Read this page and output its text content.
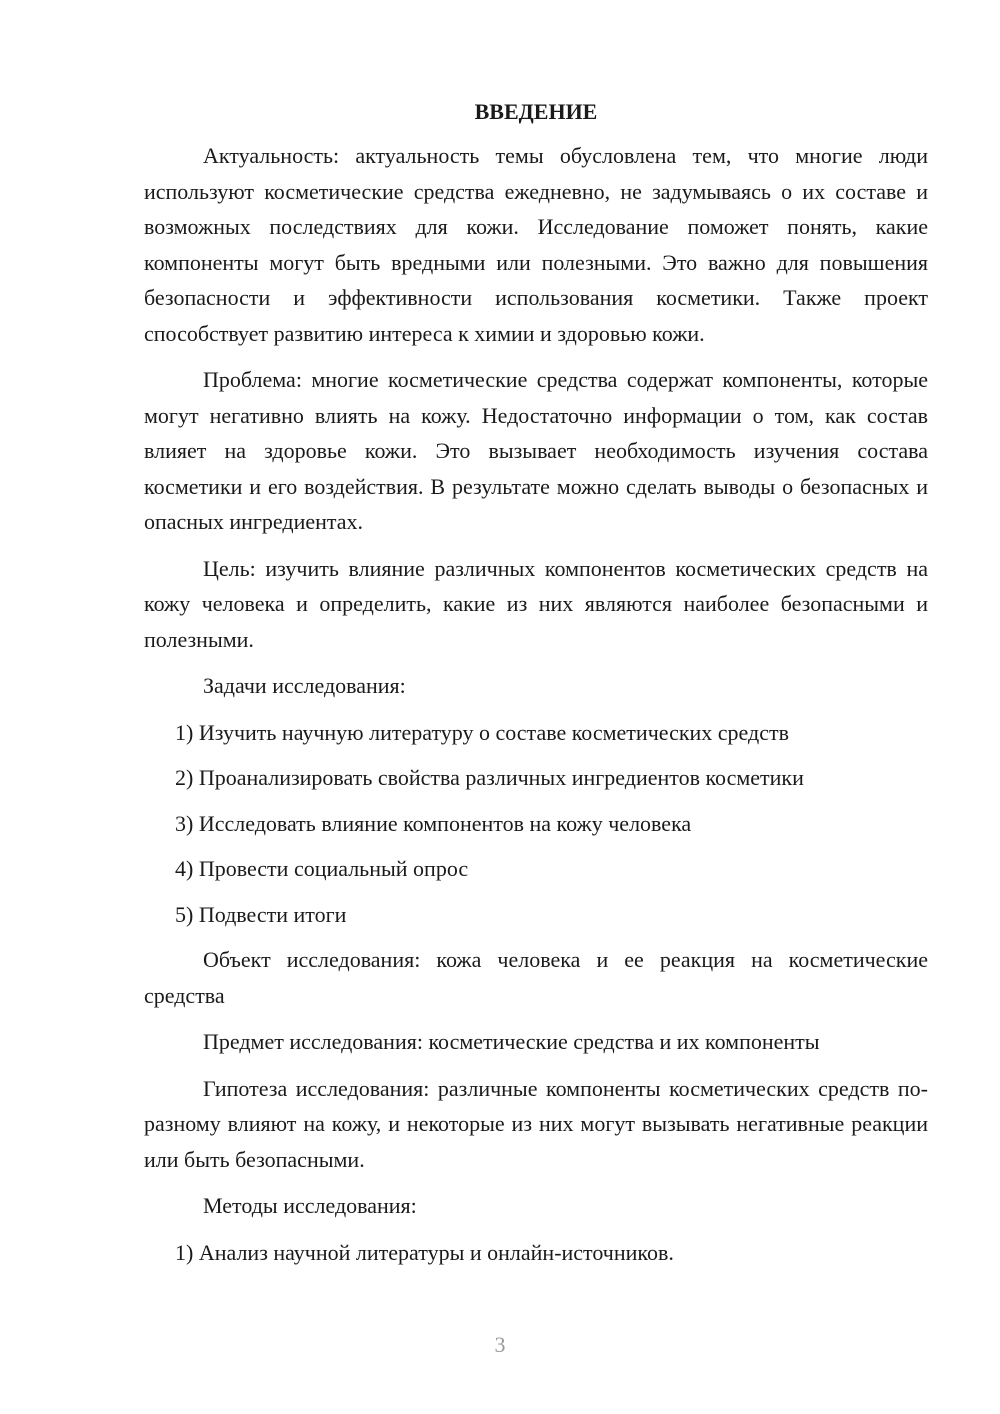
ВВЕДЕНИЕ

Актуальность: актуальность темы обусловлена тем, что многие люди используют косметические средства ежедневно, не задумываясь о их составе и возможных последствиях для кожи. Исследование поможет понять, какие компоненты могут быть вредными или полезными. Это важно для повышения безопасности и эффективности использования косметики. Также проект способствует развитию интереса к химии и здоровью кожи.

Проблема: многие косметические средства содержат компоненты, которые могут негативно влиять на кожу. Недостаточно информации о том, как состав влияет на здоровье кожи. Это вызывает необходимость изучения состава косметики и его воздействия. В результате можно сделать выводы о безопасных и опасных ингредиентах.

Цель: изучить влияние различных компонентов косметических средств на кожу человека и определить, какие из них являются наиболее безопасными и полезными.

Задачи исследования:

1) Изучить научную литературу о составе косметических средств
2) Проанализировать свойства различных ингредиентов косметики
3) Исследовать влияние компонентов на кожу человека
4) Провести социальный опрос
5) Подвести итоги

Объект исследования: кожа человека и ее реакция на косметические средства

Предмет исследования: косметические средства и их компоненты

Гипотеза исследования: различные компоненты косметических средств по-разному влияют на кожу, и некоторые из них могут вызывать негативные реакции или быть безопасными.

Методы исследования:

1) Анализ научной литературы и онлайн-источников.
3
